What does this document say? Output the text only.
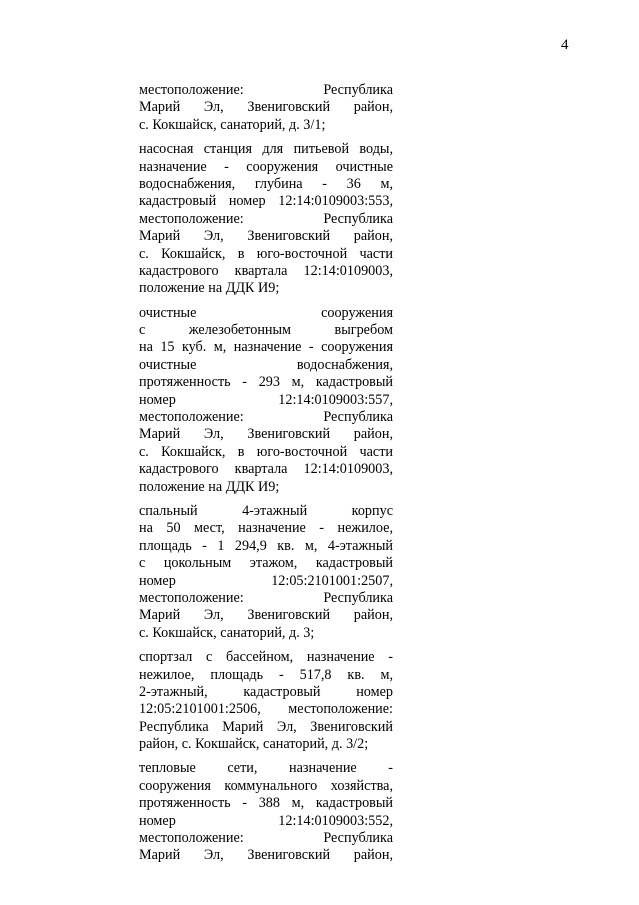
4
местоположение: Республика
Марий Эл, Звениговский район,
с. Кокшайск, санаторий, д. 3/1;
насосная станция для питьевой воды,
назначение - сооружения очистные
водоснабжения, глубина - 36 м,
кадастровый номер 12:14:0109003:553,
местоположение: Республика
Марий Эл, Звениговский район,
с. Кокшайск, в юго-восточной части
кадастрового квартала 12:14:0109003,
положение на ДДК И9;
очистные сооружения
с железобетонным выгребом
на 15 куб. м, назначение - сооружения
очистные водоснабжения,
протяженность - 293 м, кадастровый
номер 12:14:0109003:557,
местоположение: Республика
Марий Эл, Звениговский район,
с. Кокшайск, в юго-восточной части
кадастрового квартала 12:14:0109003,
положение на ДДК И9;
спальный 4-этажный корпус
на 50 мест, назначение - нежилое,
площадь - 1 294,9 кв. м, 4-этажный
с цокольным этажом, кадастровый
номер 12:05:2101001:2507,
местоположение: Республика
Марий Эл, Звениговский район,
с. Кокшайск, санаторий, д. 3;
спортзал с бассейном, назначение -
нежилое, площадь - 517,8 кв. м,
2-этажный, кадастровый номер
12:05:2101001:2506, местоположение:
Республика Марий Эл, Звениговский
район, с. Кокшайск, санаторий, д. 3/2;
тепловые сети, назначение -
сооружения коммунального хозяйства,
протяженность - 388 м, кадастровый
номер 12:14:0109003:552,
местоположение: Республика
Марий Эл, Звениговский район,
